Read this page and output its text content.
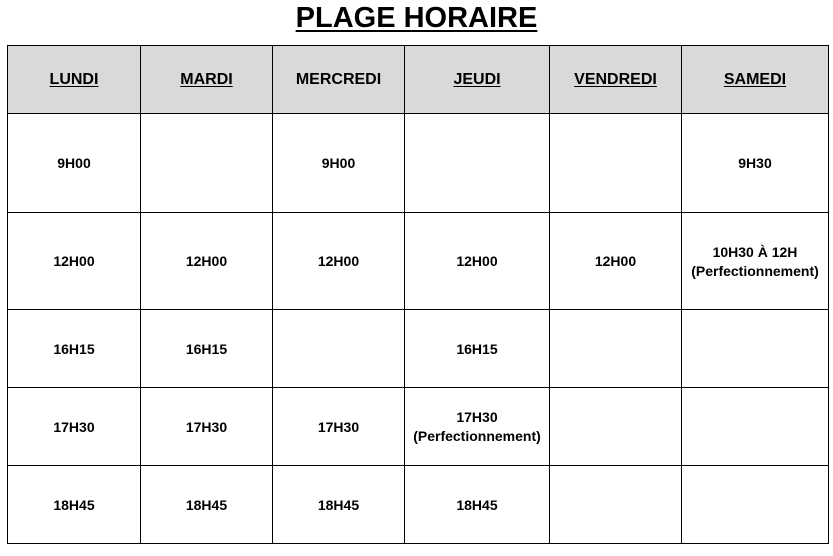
PLAGE HORAIRE
LUNDI	MARDI	MERCREDI	JEUDI	VENDREDI	SAMEDI

9H00		9H00			9H30

12H00	12H00	12H00	12H00	12H00	10H30 À 12H
(Perfectionnement)

16H15	16H15		16H15		

17H30	17H30	17H30	17H30
(Perfectionnement)		

18H45	18H45	18H45	18H45		
